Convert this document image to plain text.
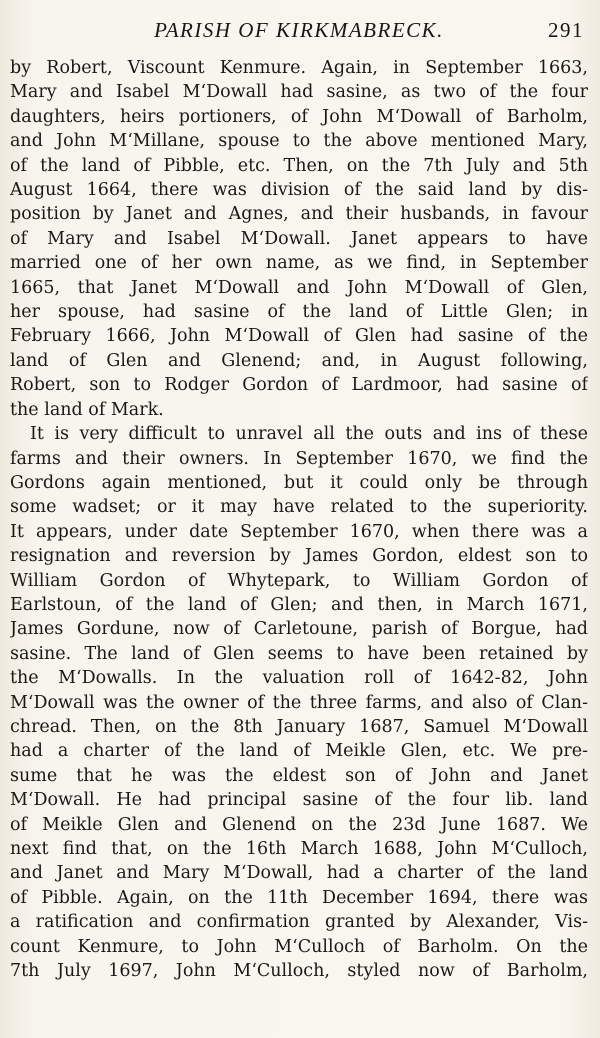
PARISH OF KIRKMABRECK.	291

by Robert, Viscount Kenmure. Again, in September 1663,
Mary and Isabel M‘Dowall had sasine, as two of the four
daughters, heirs portioners, of John M‘Dowall of Barholm,
and John M‘Millane, spouse to the above mentioned Mary,
of the land of Pibble, etc. Then, on the 7th July and 5th
August 1664, there was division of the said land by dis-
position by Janet and Agnes, and their husbands, in favour
of Mary and Isabel M‘Dowall. Janet appears to have
married one of her own name, as we find, in September
1665, that Janet M‘Dowall and John M‘Dowall of Glen,
her spouse, had sasine of the land of Little Glen; in
February 1666, John M‘Dowall of Glen had sasine of the
land of Glen and Glenend; and, in August following,
Robert, son to Rodger Gordon of Lardmoor, had sasine of
the land of Mark.

It is very difficult to unravel all the outs and ins of these
farms and their owners. In September 1670, we find the
Gordons again mentioned, but it could only be through
some wadset; or it may have related to the superiority.
It appears, under date September 1670, when there was a
resignation and reversion by James Gordon, eldest son to
William Gordon of Whytepark, to William Gordon of
Earlstoun, of the land of Glen; and then, in March 1671,
James Gordune, now of Carletoune, parish of Borgue, had
sasine. The land of Glen seems to have been retained by
the M‘Dowalls. In the valuation roll of 1642-82, John
M‘Dowall was the owner of the three farms, and also of Clan-
chread. Then, on the 8th January 1687, Samuel M‘Dowall
had a charter of the land of Meikle Glen, etc. We pre-
sume that he was the eldest son of John and Janet
M‘Dowall. He had principal sasine of the four lib. land
of Meikle Glen and Glenend on the 23d June 1687. We
next find that, on the 16th March 1688, John M‘Culloch,
and Janet and Mary M‘Dowall, had a charter of the land
of Pibble. Again, on the 11th December 1694, there was
a ratification and confirmation granted by Alexander, Vis-
count Kenmure, to John M‘Culloch of Barholm. On the
7th July 1697, John M‘Culloch, styled now of Barholm,
